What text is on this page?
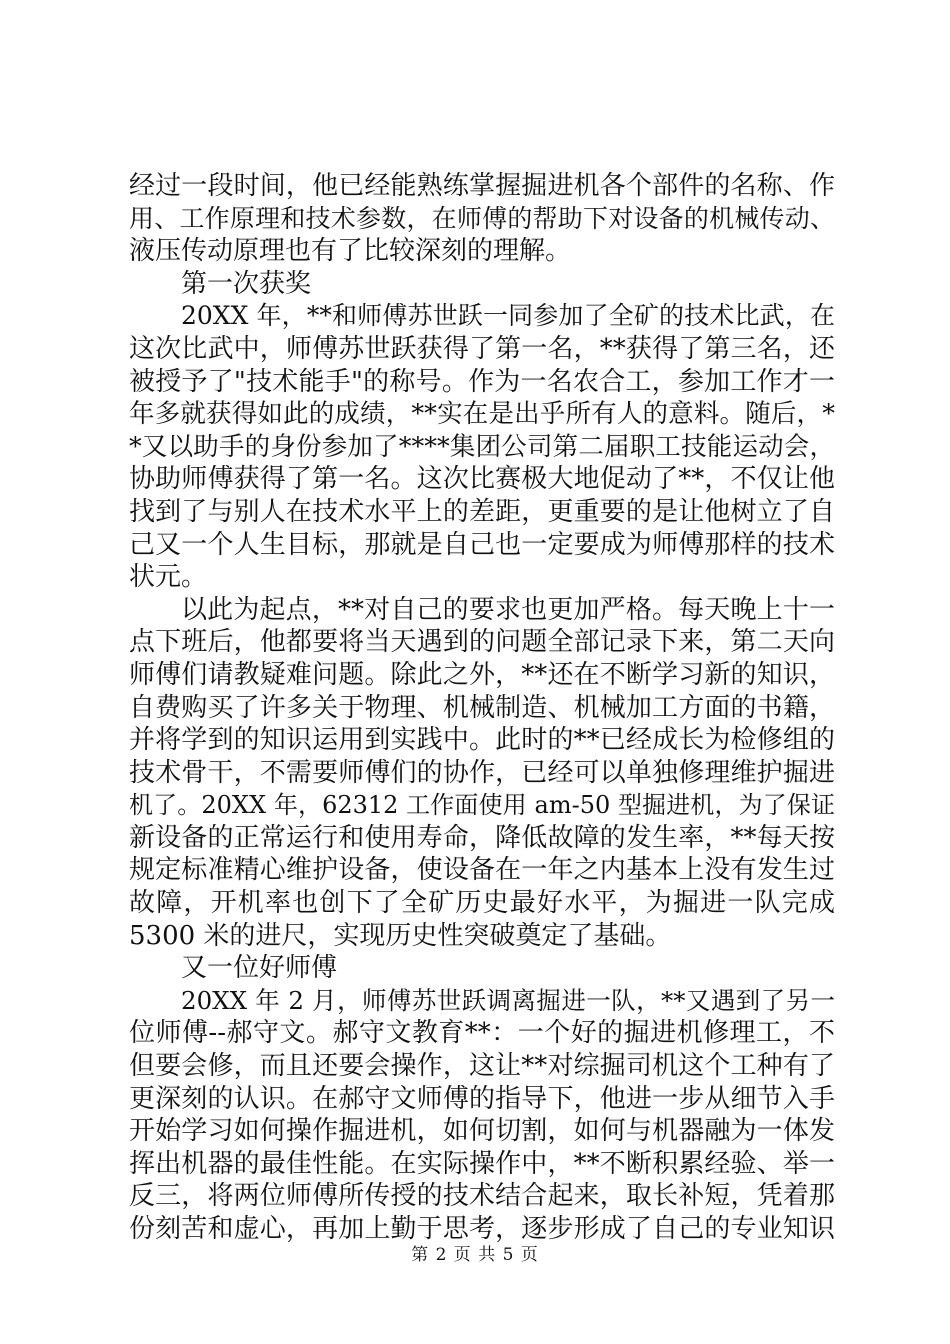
经过一段时间，他已经能熟练掌握掘进机各个部件的名称、作
用、工作原理和技术参数，在师傅的帮助下对设备的机械传动、
液压传动原理也有了比较深刻的理解。
第一次获奖
20XX 年，**和师傅苏世跃一同参加了全矿的技术比武，在
这次比武中，师傅苏世跃获得了第一名，**获得了第三名，还
被授予了"技术能手"的称号。作为一名农合工，参加工作才一
年多就获得如此的成绩，**实在是出乎所有人的意料。随后，*
*又以助手的身份参加了****集团公司第二届职工技能运动会，
协助师傅获得了第一名。这次比赛极大地促动了**，不仅让他
找到了与别人在技术水平上的差距，更重要的是让他树立了自
己又一个人生目标，那就是自己也一定要成为师傅那样的技术
状元。
以此为起点，**对自己的要求也更加严格。每天晚上十一
点下班后，他都要将当天遇到的问题全部记录下来，第二天向
师傅们请教疑难问题。除此之外，**还在不断学习新的知识，
自费购买了许多关于物理、机械制造、机械加工方面的书籍，
并将学到的知识运用到实践中。此时的**已经成长为检修组的
技术骨干，不需要师傅们的协作，已经可以单独修理维护掘进
机了。20XX 年，62312 工作面使用 am-50 型掘进机，为了保证
新设备的正常运行和使用寿命，降低故障的发生率，**每天按
规定标准精心维护设备，使设备在一年之内基本上没有发生过
故障，开机率也创下了全矿历史最好水平，为掘进一队完成
5300 米的进尺，实现历史性突破奠定了基础。
又一位好师傅
20XX 年 2 月，师傅苏世跃调离掘进一队，**又遇到了另一
位师傅--郝守文。郝守文教育**：一个好的掘进机修理工，不
但要会修，而且还要会操作，这让**对综掘司机这个工种有了
更深刻的认识。在郝守文师傅的指导下，他进一步从细节入手
开始学习如何操作掘进机，如何切割，如何与机器融为一体发
挥出机器的最佳性能。在实际操作中，**不断积累经验、举一
反三，将两位师傅所传授的技术结合起来，取长补短，凭着那
份刻苦和虚心，再加上勤于思考，逐步形成了自己的专业知识
第 2 页 共 5 页
